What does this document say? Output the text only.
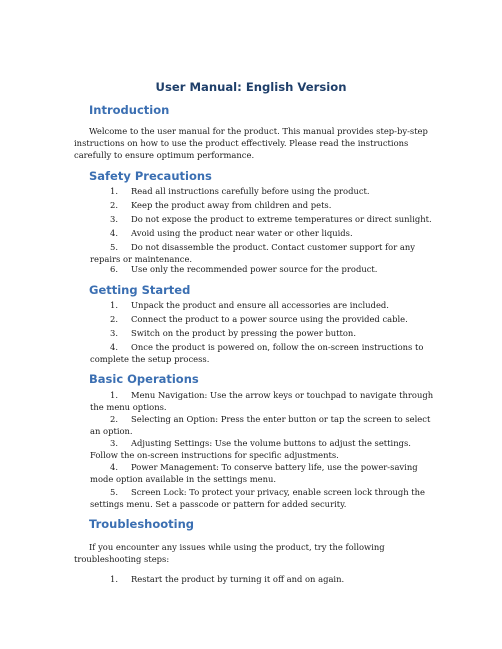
User Manual: English Version
Introduction
Welcome to the user manual for the product. This manual provides step-by-step instructions on how to use the product effectively. Please read the instructions carefully to ensure optimum performance.
Safety Precautions
1. Read all instructions carefully before using the product.
2. Keep the product away from children and pets.
3. Do not expose the product to extreme temperatures or direct sunlight.
4. Avoid using the product near water or other liquids.
5. Do not disassemble the product. Contact customer support for any repairs or maintenance.
6. Use only the recommended power source for the product.
Getting Started
1. Unpack the product and ensure all accessories are included.
2. Connect the product to a power source using the provided cable.
3. Switch on the product by pressing the power button.
4. Once the product is powered on, follow the on-screen instructions to complete the setup process.
Basic Operations
1. Menu Navigation: Use the arrow keys or touchpad to navigate through the menu options.
2. Selecting an Option: Press the enter button or tap the screen to select an option.
3. Adjusting Settings: Use the volume buttons to adjust the settings. Follow the on-screen instructions for specific adjustments.
4. Power Management: To conserve battery life, use the power-saving mode option available in the settings menu.
5. Screen Lock: To protect your privacy, enable screen lock through the settings menu. Set a passcode or pattern for added security.
Troubleshooting
If you encounter any issues while using the product, try the following troubleshooting steps:
1. Restart the product by turning it off and on again.
